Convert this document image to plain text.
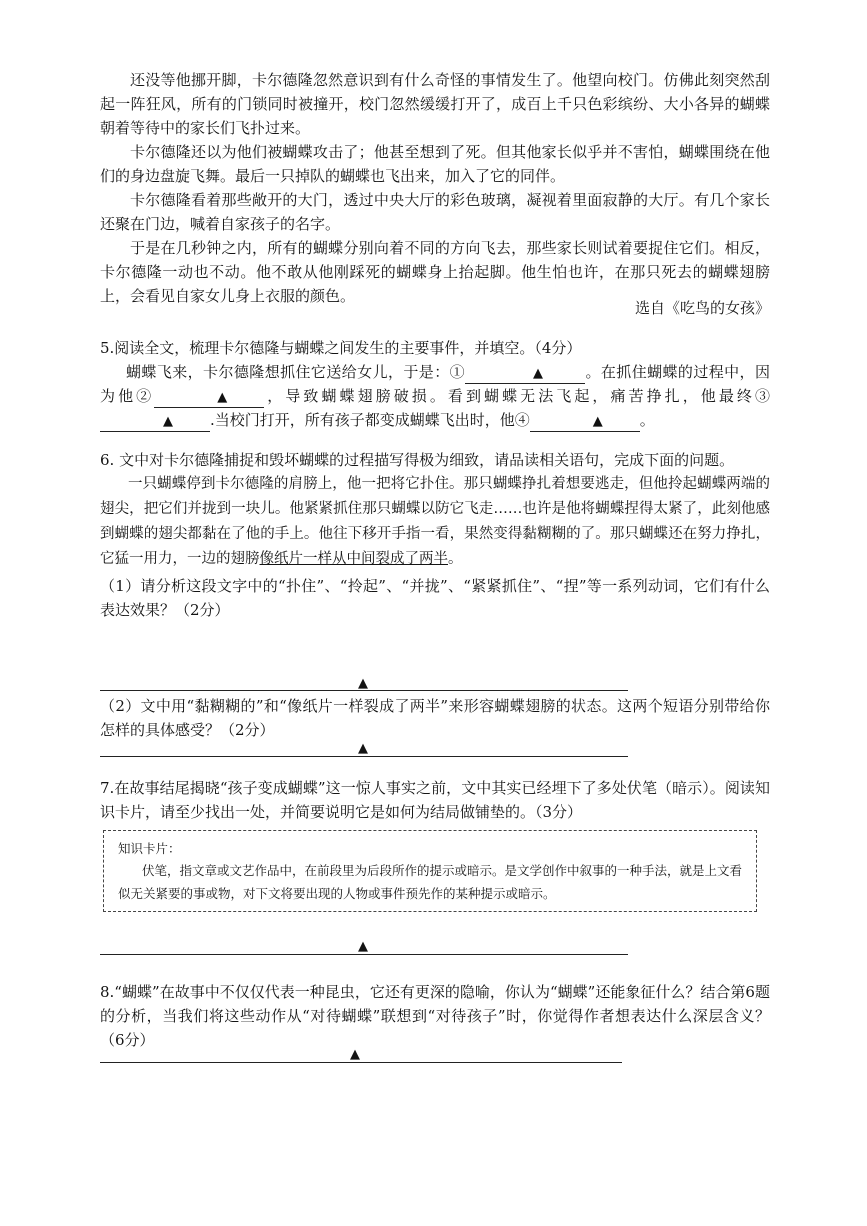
还没等他挪开脚，卡尔德隆忽然意识到有什么奇怪的事情发生了。他望向校门。仿佛此刻突然刮起一阵狂风，所有的门锁同时被撞开，校门忽然缓缓打开了，成百上千只色彩缤纷、大小各异的蝴蝶朝着等待中的家长们飞扑过来。

卡尔德隆还以为他们被蝴蝶攻击了；他甚至想到了死。但其他家长似乎并不害怕，蝴蝶围绕在他们的身边盘旋飞舞。最后一只掉队的蝴蝶也飞出来，加入了它的同伴。

卡尔德隆看着那些敞开的大门，透过中央大厅的彩色玻璃，凝视着里面寂静的大厅。有几个家长还聚在门边，喊着自家孩子的名字。

于是在几秒钟之内，所有的蝴蝶分别向着不同的方向飞去，那些家长则试着要捉住它们。相反，卡尔德隆一动也不动。他不敢从他刚踩死的蝴蝶身上抬起脚。他生怕也许，在那只死去的蝴蝶翅膀上，会看见自家女儿身上衣服的颜色。

选自《吃鸟的女孩》

5.阅读全文，梳理卡尔德隆与蝴蝶之间发生的主要事件，并填空。（4分）

蝴蝶飞来，卡尔德隆想抓住它送给女儿，于是：①	▲	。在抓住蝴蝶的过程中，因为他②	▲ ，导致蝴蝶翅膀破损。看到蝴蝶无法飞起，痛苦挣扎，他最终③▲ .当校门打开，所有孩子都变成蝴蝶飞出时，他④	▲ 。

6. 文中对卡尔德隆捕捉和毁坏蝴蝶的过程描写得极为细致，请品读相关语句，完成下面的问题。

一只蝴蝶停到卡尔德隆的肩膀上，他一把将它扑住。那只蝴蝶挣扎着想要逃走，但他拎起蝴蝶两端的翅尖，把它们并拢到一块儿。他紧紧抓住那只蝴蝶以防它飞走……也许是他将蝴蝶捏得太紧了，此刻他感到蝴蝶的翅尖都黏在了他的手上。他往下移开手指一看，果然变得黏糊糊的了。那只蝴蝶还在努力挣扎，它猛一用力，一边的翅膀像纸片一样从中间裂成了两半。

（1）请分析这段文字中的“扑住”、“拎起”、“并拢”、“紧紧抓住”、“捏”等一系列动词，它们有什么表达效果？（2分）

▲

（2）文中用“黏糊糊的”和“像纸片一样裂成了两半”来形容蝴蝶翅膀的状态。这两个短语分别带给你怎样的具体感受？（2分）

▲

7.在故事结尾揭晓“孩子变成蝴蝶”这一惊人事实之前，文中其实已经埋下了多处伏笔（暗示）。阅读知识卡片，请至少找出一处，并简要说明它是如何为结局做铺垫的。（3分）

知识卡片：
伏笔，指文章或文艺作品中，在前段里为后段所作的提示或暗示。是文学创作中叙事的一种手法，就是上文看似无关紧要的事或物，对下文将要出现的人物或事件预先作的某种提示或暗示。
▲

8.“蝴蝶”在故事中不仅仅代表一种昆虫，它还有更深的隐喻，你认为“蝴蝶”还能象征什么？结合第6题的分析，当我们将这些动作从“对待蝴蝶”联想到“对待孩子”时，你觉得作者想表达什么深层含义？（6分）

▲
